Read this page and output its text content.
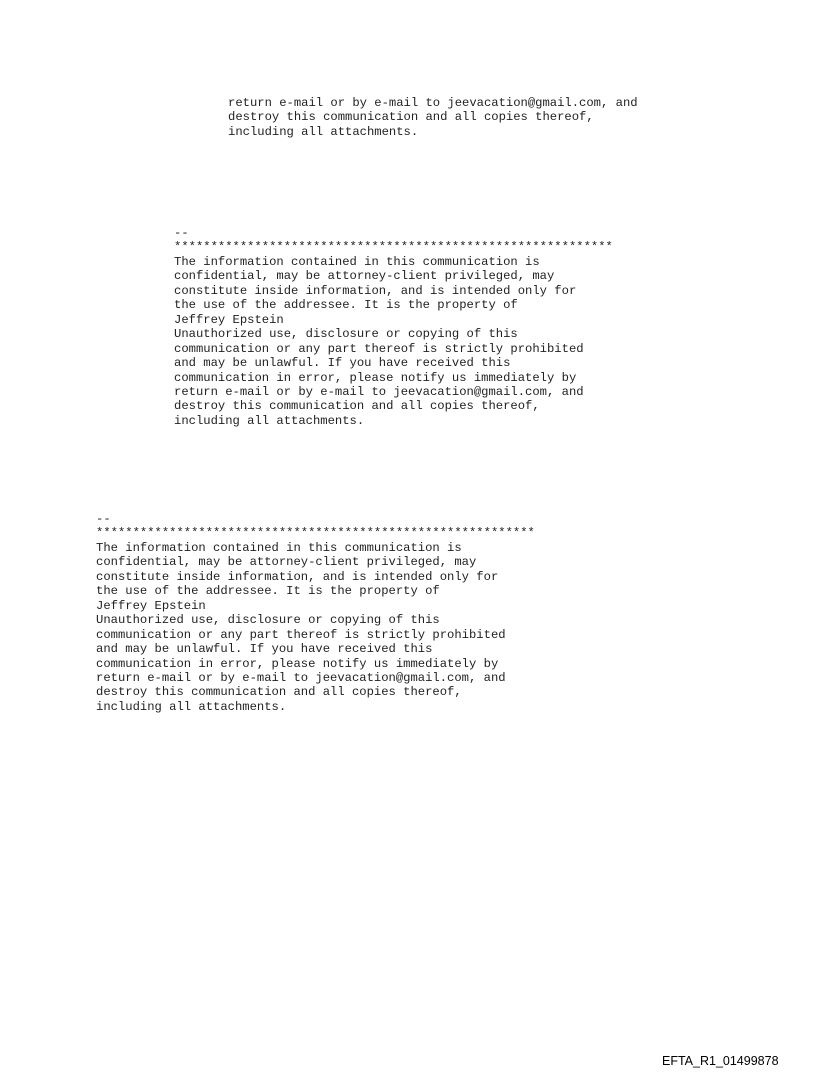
return e-mail or by e-mail to jeevacation@gmail.com, and
destroy this communication and all copies thereof,
including all attachments.
--
************************************************************
The information contained in this communication is
confidential, may be attorney-client privileged, may
constitute inside information, and is intended only for
the use of the addressee. It is the property of
Jeffrey Epstein
Unauthorized use, disclosure or copying of this
communication or any part thereof is strictly prohibited
and may be unlawful. If you have received this
communication in error, please notify us immediately by
return e-mail or by e-mail to jeevacation@gmail.com, and
destroy this communication and all copies thereof,
including all attachments.
--
************************************************************
The information contained in this communication is
confidential, may be attorney-client privileged, may
constitute inside information, and is intended only for
the use of the addressee. It is the property of
Jeffrey Epstein
Unauthorized use, disclosure or copying of this
communication or any part thereof is strictly prohibited
and may be unlawful. If you have received this
communication in error, please notify us immediately by
return e-mail or by e-mail to jeevacation@gmail.com, and
destroy this communication and all copies thereof,
including all attachments.
EFTA_R1_01499878
